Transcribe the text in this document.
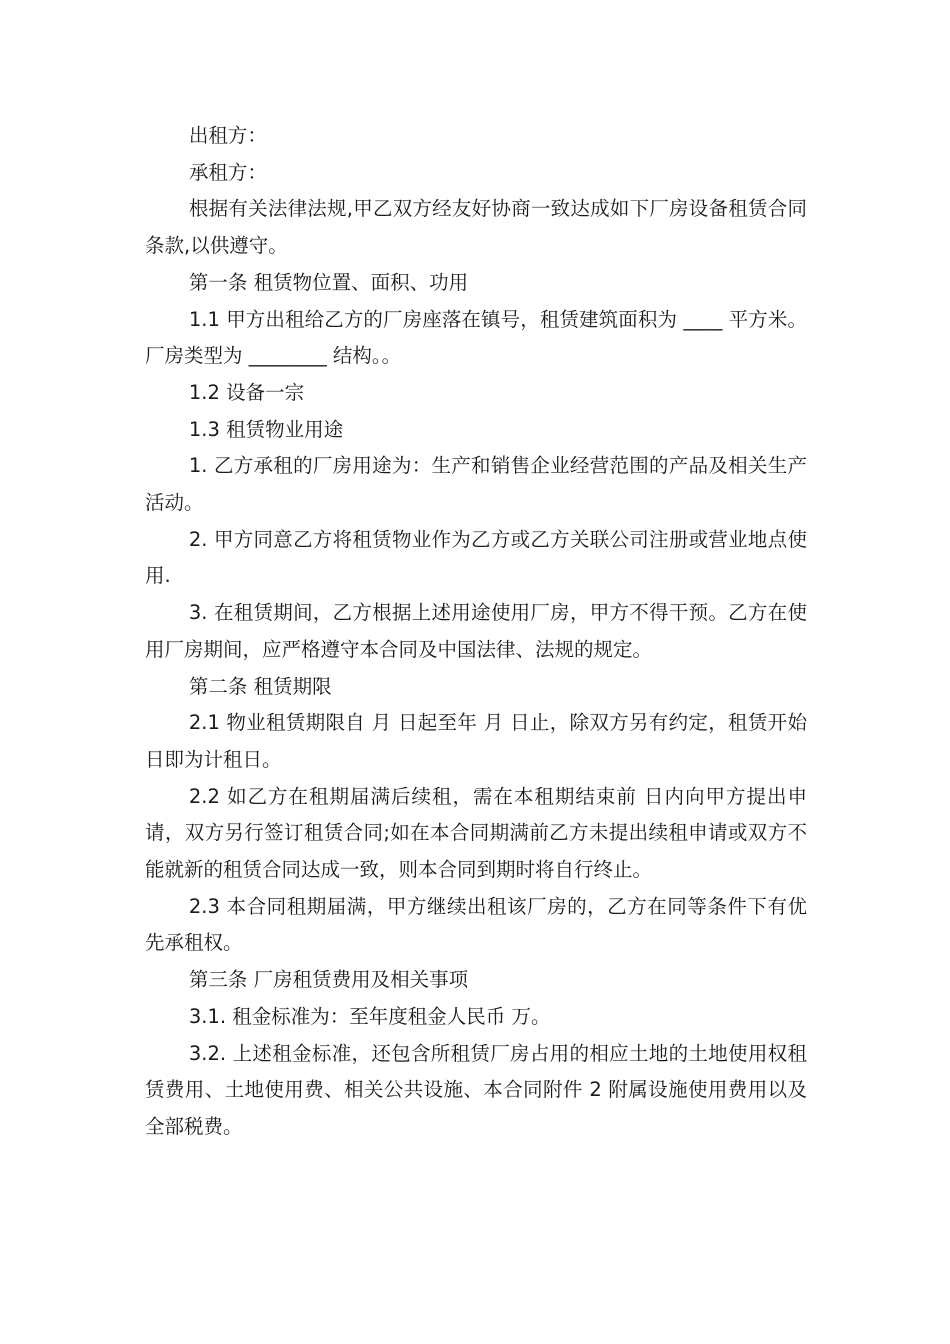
出租方：

承租方：

根据有关法律法规,甲乙双方经友好协商一致达成如下厂房设备租赁合同条款,以供遵守。

第一条 租赁物位置、面积、功用

1.1 甲方出租给乙方的厂房座落在镇号，租赁建筑面积为 ____ 平方米。厂房类型为 ________ 结构。。

1.2 设备一宗

1.3 租赁物业用途

1. 乙方承租的厂房用途为：生产和销售企业经营范围的产品及相关生产活动。

2. 甲方同意乙方将租赁物业作为乙方或乙方关联公司注册或营业地点使用.

3. 在租赁期间，乙方根据上述用途使用厂房，甲方不得干预。乙方在使用厂房期间，应严格遵守本合同及中国法律、法规的规定。

第二条 租赁期限

2.1 物业租赁期限自 月 日起至年 月 日止，除双方另有约定，租赁开始日即为计租日。

2.2 如乙方在租期届满后续租，需在本租期结束前 日内向甲方提出申请，双方另行签订租赁合同;如在本合同期满前乙方未提出续租申请或双方不能就新的租赁合同达成一致，则本合同到期时将自行终止。

2.3 本合同租期届满，甲方继续出租该厂房的，乙方在同等条件下有优先承租权。

第三条 厂房租赁费用及相关事项

3.1. 租金标准为：至年度租金人民币 万。

3.2. 上述租金标准，还包含所租赁厂房占用的相应土地的土地使用权租赁费用、土地使用费、相关公共设施、本合同附件 2 附属设施使用费用以及全部税费。
